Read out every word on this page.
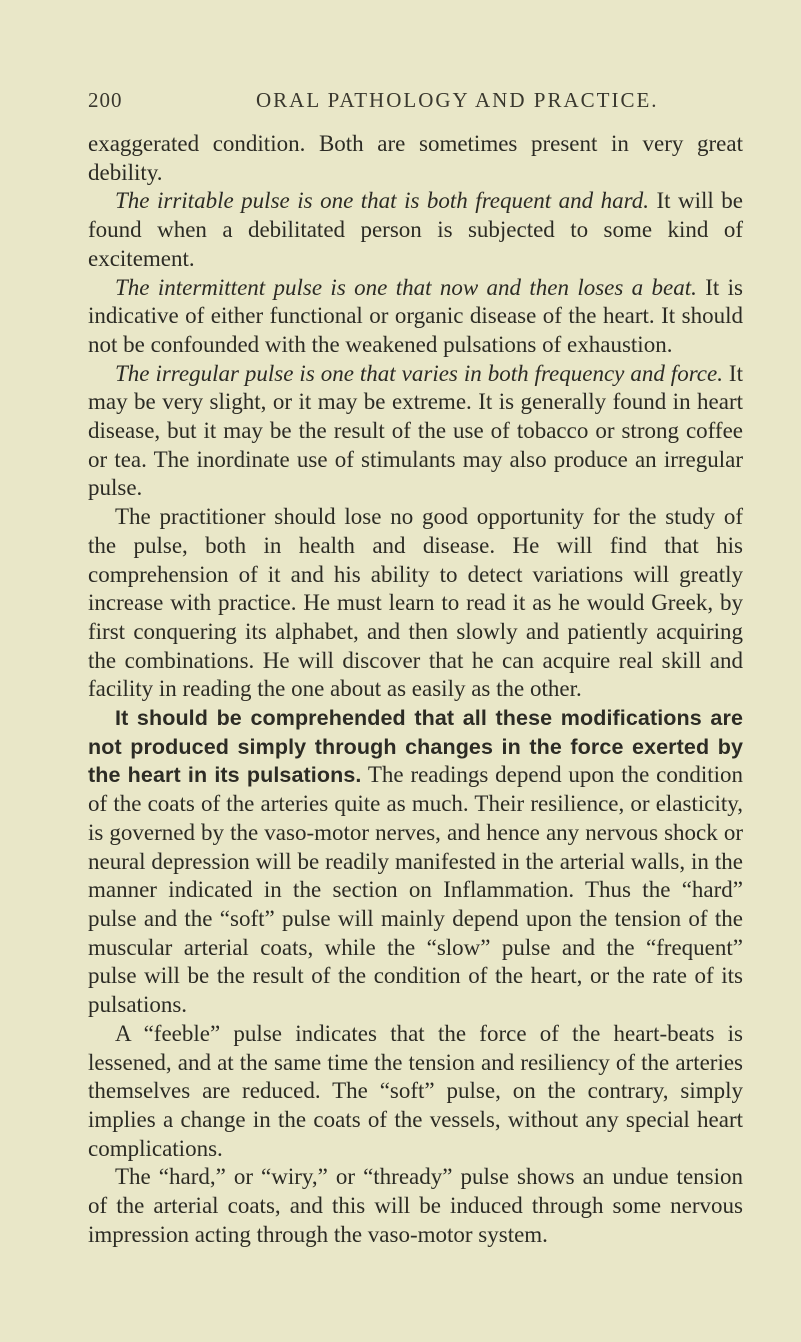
200	ORAL PATHOLOGY AND PRACTICE.

exaggerated condition. Both are sometimes present in very great debility.

The irritable pulse is one that is both frequent and hard. It will be found when a debilitated person is subjected to some kind of excitement.

The intermittent pulse is one that now and then loses a beat. It is indicative of either functional or organic disease of the heart. It should not be confounded with the weakened pulsations of exhaustion.

The irregular pulse is one that varies in both frequency and force. It may be very slight, or it may be extreme. It is generally found in heart disease, but it may be the result of the use of tobacco or strong coffee or tea. The inordinate use of stimulants may also produce an irregular pulse.

The practitioner should lose no good opportunity for the study of the pulse, both in health and disease. He will find that his comprehension of it and his ability to detect variations will greatly increase with practice. He must learn to read it as he would Greek, by first conquering its alphabet, and then slowly and patiently acquiring the combinations. He will discover that he can acquire real skill and facility in reading the one about as easily as the other.

It should be comprehended that all these modifications are not produced simply through changes in the force exerted by the heart in its pulsations. The readings depend upon the condition of the coats of the arteries quite as much. Their resilience, or elasticity, is governed by the vaso-motor nerves, and hence any nervous shock or neural depression will be readily manifested in the arterial walls, in the manner indicated in the section on Inflammation. Thus the “hard” pulse and the “soft” pulse will mainly depend upon the tension of the muscular arterial coats, while the “slow” pulse and the “frequent” pulse will be the result of the condition of the heart, or the rate of its pulsations.

A “feeble” pulse indicates that the force of the heart-beats is lessened, and at the same time the tension and resiliency of the arteries themselves are reduced. The “soft” pulse, on the contrary, simply implies a change in the coats of the vessels, without any special heart complications.

The “hard,” or “wiry,” or “thready” pulse shows an undue tension of the arterial coats, and this will be induced through some nervous impression acting through the vaso-motor system.
